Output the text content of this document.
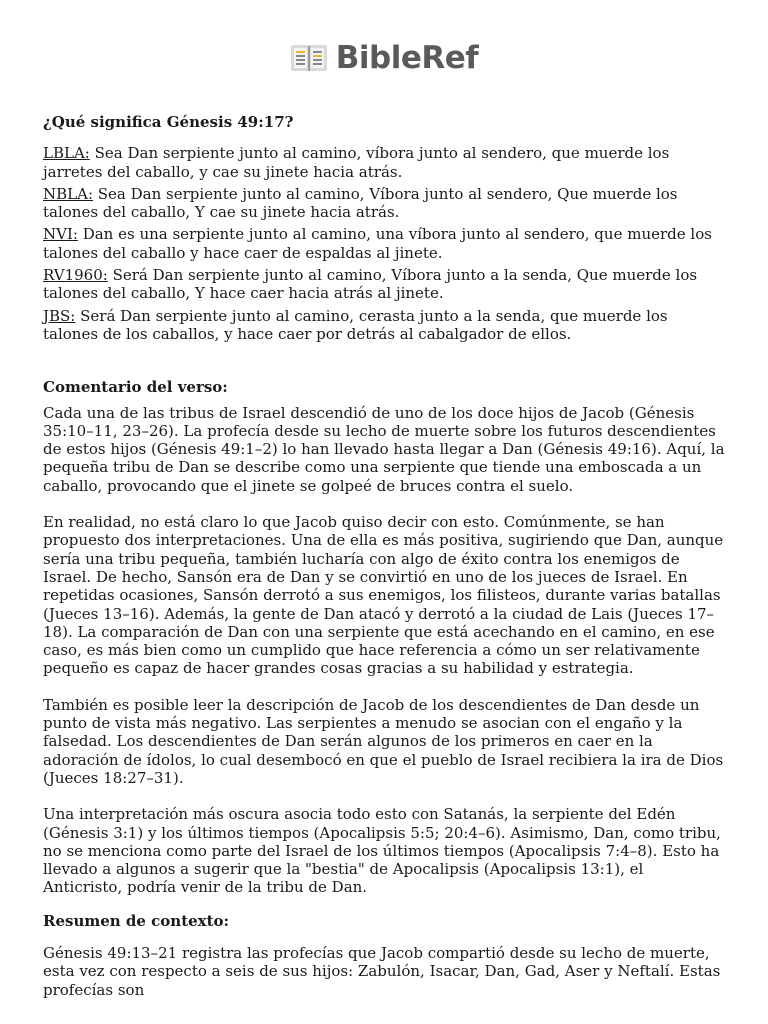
BibleRef

¿Qué significa Génesis 49:17?

LBLA: Sea Dan serpiente junto al camino, víbora junto al sendero, que muerde los jarretes del caballo, y cae su jinete hacia atrás.

NBLA: Sea Dan serpiente junto al camino, Víbora junto al sendero, Que muerde los talones del caballo, Y cae su jinete hacia atrás.

NVI: Dan es una serpiente junto al camino, una víbora junto al sendero, que muerde los talones del caballo y hace caer de espaldas al jinete.

RV1960: Será Dan serpiente junto al camino, Víbora junto a la senda, Que muerde los talones del caballo, Y hace caer hacia atrás al jinete.

JBS: Será Dan serpiente junto al camino, cerasta junto a la senda, que muerde los talones de los caballos, y hace caer por detrás al cabalgador de ellos.

Comentario del verso:

Cada una de las tribus de Israel descendió de uno de los doce hijos de Jacob (Génesis 35:10–11, 23–26). La profecía desde su lecho de muerte sobre los futuros descendientes de estos hijos (Génesis 49:1–2) lo han llevado hasta llegar a Dan (Génesis 49:16). Aquí, la pequeña tribu de Dan se describe como una serpiente que tiende una emboscada a un caballo, provocando que el jinete se golpeé de bruces contra el suelo.

En realidad, no está claro lo que Jacob quiso decir con esto. Comúnmente, se han propuesto dos interpretaciones. Una de ella es más positiva, sugiriendo que Dan, aunque sería una tribu pequeña, también lucharía con algo de éxito contra los enemigos de Israel. De hecho, Sansón era de Dan y se convirtió en uno de los jueces de Israel. En repetidas ocasiones, Sansón derrotó a sus enemigos, los filisteos, durante varias batallas (Jueces 13–16). Además, la gente de Dan atacó y derrotó a la ciudad de Lais (Jueces 17–18). La comparación de Dan con una serpiente que está acechando en el camino, en ese caso, es más bien como un cumplido que hace referencia a cómo un ser relativamente pequeño es capaz de hacer grandes cosas gracias a su habilidad y estrategia.

También es posible leer la descripción de Jacob de los descendientes de Dan desde un punto de vista más negativo. Las serpientes a menudo se asocian con el engaño y la falsedad. Los descendientes de Dan serán algunos de los primeros en caer en la adoración de ídolos, lo cual desembocó en que el pueblo de Israel recibiera la ira de Dios (Jueces 18:27–31).

Una interpretación más oscura asocia todo esto con Satanás, la serpiente del Edén (Génesis 3:1) y los últimos tiempos (Apocalipsis 5:5; 20:4–6). Asimismo, Dan, como tribu, no se menciona como parte del Israel de los últimos tiempos (Apocalipsis 7:4–8). Esto ha llevado a algunos a sugerir que la "bestia" de Apocalipsis (Apocalipsis 13:1), el Anticristo, podría venir de la tribu de Dan.

Resumen de contexto:

Génesis 49:13–21 registra las profecías que Jacob compartió desde su lecho de muerte, esta vez con respecto a seis de sus hijos: Zabulón, Isacar, Dan, Gad, Aser y Neftalí. Estas profecías son
